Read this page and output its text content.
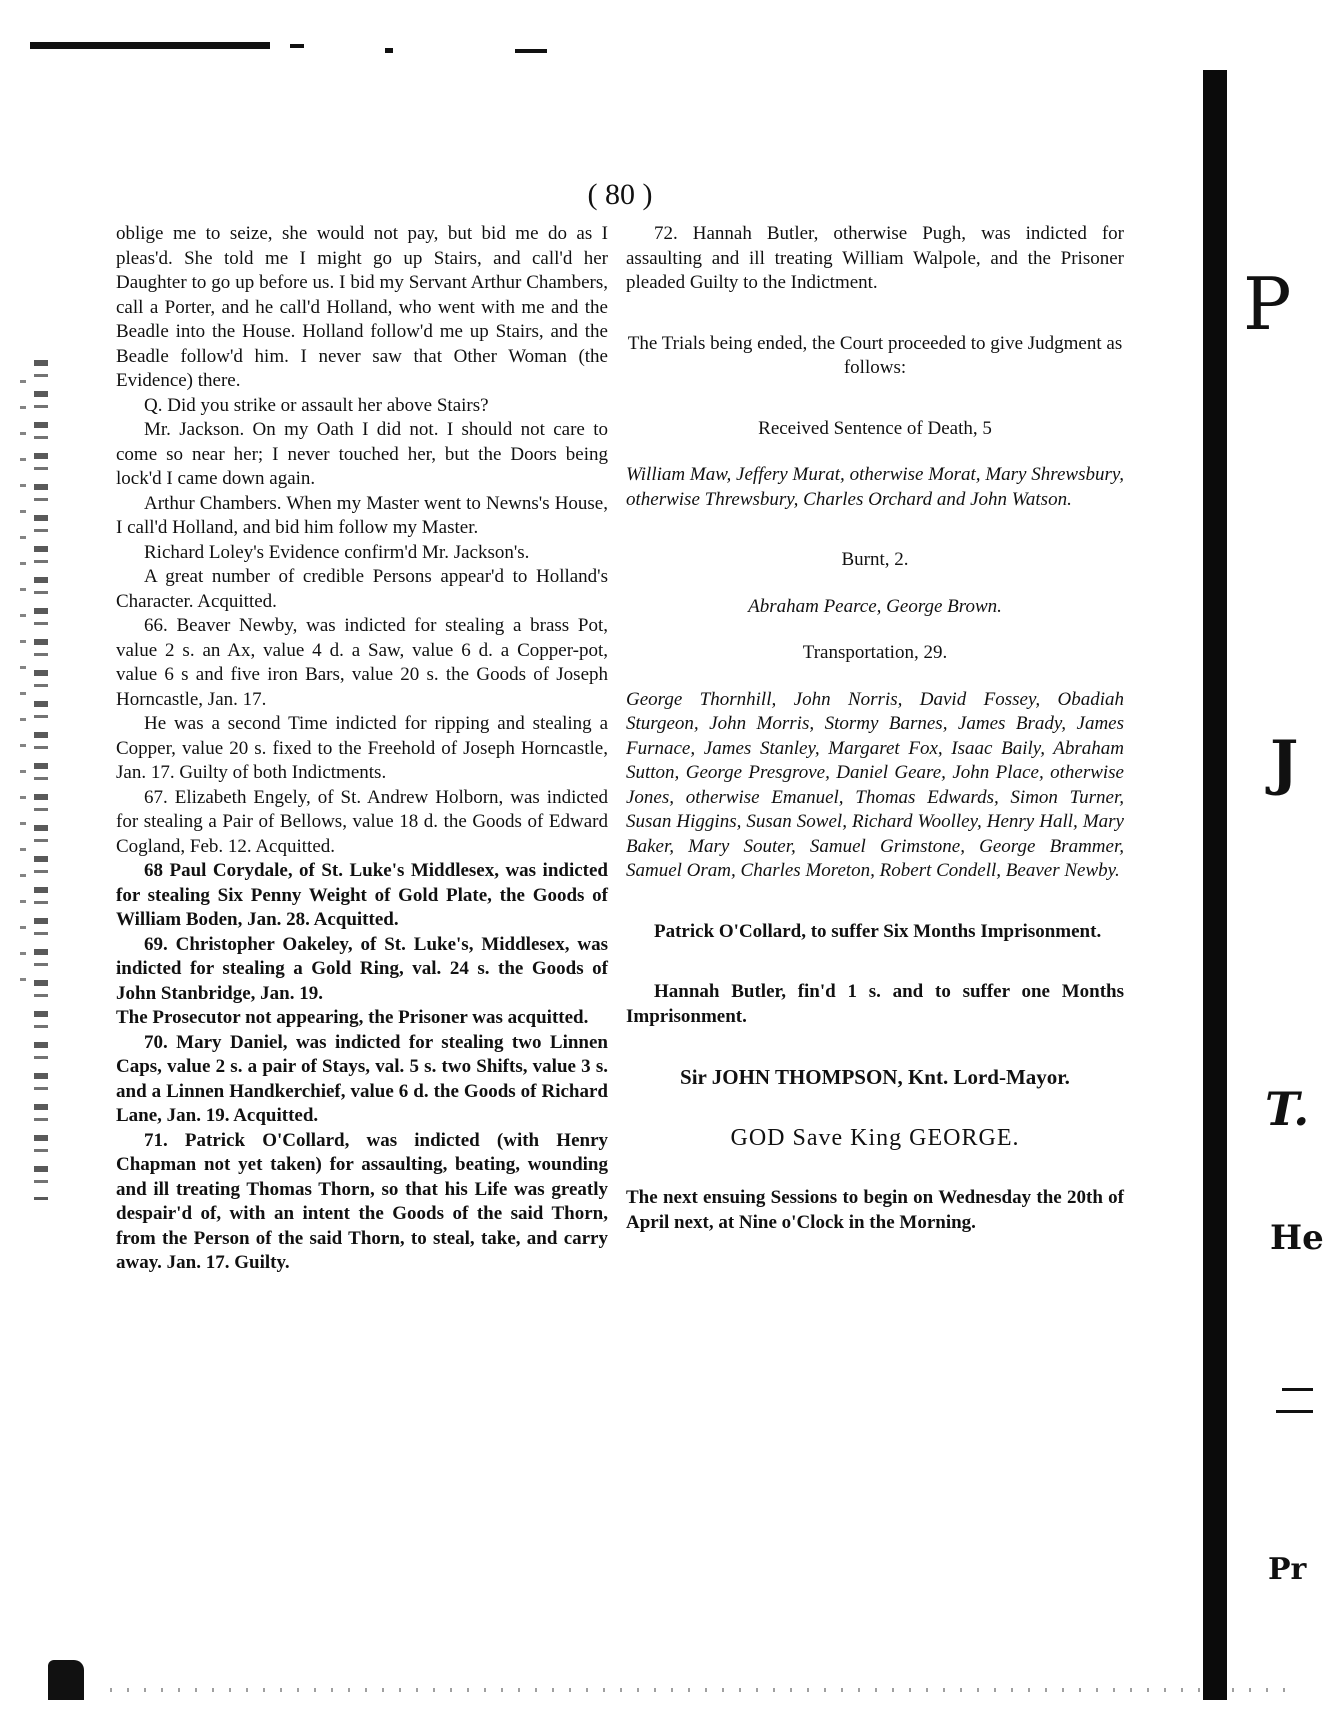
( 80 )

oblige me to seize, she would not pay, but bid me do as I pleas'd. She told me I might go up Stairs, and call'd her Daughter to go up before us. I bid my Servant Arthur Chambers, call a Porter, and he call'd Holland, who went with me and the Beadle into the House. Holland follow'd me up Stairs, and the Beadle follow'd him. I never saw that Other Woman (the Evidence) there.

Q. Did you strike or assault her above Stairs?

Mr. Jackson. On my Oath I did not. I should not care to come so near her; I never touched her, but the Doors being lock'd I came down again.

Arthur Chambers. When my Master went to Newns's House, I call'd Holland, and bid him follow my Master.

Richard Loley's Evidence confirm'd Mr. Jackson's.

A great number of credible Persons appear'd to Holland's Character. Acquitted.

66. Beaver Newby, was indicted for stealing a brass Pot, value 2 s. an Ax, value 4 d. a Saw, value 6 d. a Copper-pot, value 6 s and five iron Bars, value 20 s. the Goods of Joseph Horncastle, Jan. 17.

He was a second Time indicted for ripping and stealing a Copper, value 20 s. fixed to the Freehold of Joseph Horncastle, Jan. 17. Guilty of both Indictments.

67. Elizabeth Engely, of St. Andrew Holborn, was indicted for stealing a Pair of Bellows, value 18 d. the Goods of Edward Cogland, Feb. 12. Acquitted.

68 Paul Corydale, of St. Luke's Middlesex, was indicted for stealing Six Penny Weight of Gold Plate, the Goods of William Boden, Jan. 28. Acquitted.

69. Christopher Oakeley, of St. Luke's, Middlesex, was indicted for stealing a Gold Ring, val. 24 s. the Goods of John Stanbridge, Jan. 19.

The Prosecutor not appearing, the Prisoner was acquitted.

70. Mary Daniel, was indicted for stealing two Linnen Caps, value 2 s. a pair of Stays, val. 5 s. two Shifts, value 3 s. and a Linnen Handkerchief, value 6 d. the Goods of Richard Lane, Jan. 19. Acquitted.

71. Patrick O'Collard, was indicted (with Henry Chapman not yet taken) for assaulting, beating, wounding and ill treating Thomas Thorn, so that his Life was greatly despair'd of, with an intent the Goods of the said Thorn, from the Person of the said Thorn, to steal, take, and carry away. Jan. 17. Guilty.

72. Hannah Butler, otherwise Pugh, was indicted for assaulting and ill treating William Walpole, and the Prisoner pleaded Guilty to the Indictment.

The Trials being ended, the Court proceeded to give Judgment as follows:

Received Sentence of Death, 5

William Maw, Jeffery Murat, otherwise Morat, Mary Shrewsbury, otherwise Threwsbury, Charles Orchard and John Watson.

Burnt, 2.

Abraham Pearce, George Brown.

Transportation, 29.

George Thornhill, John Norris, David Fossey, Obadiah Sturgeon, John Morris, Stormy Barnes, James Brady, James Furnace, James Stanley, Margaret Fox, Isaac Baily, Abraham Sutton, George Presgrove, Daniel Geare, John Place, otherwise Jones, otherwise Emanuel, Thomas Edwards, Simon Turner, Susan Higgins, Susan Sowel, Richard Woolley, Henry Hall, Mary Baker, Mary Souter, Samuel Grimstone, George Brammer, Samuel Oram, Charles Moreton, Robert Condell, Beaver Newby.

Patrick O'Collard, to suffer Six Months Imprisonment.

Hannah Butler, fin'd 1 s. and to suffer one Months Imprisonment.

Sir JOHN THOMPSON, Knt. Lord-Mayor.

GOD Save King GEORGE.

The next ensuing Sessions to begin on Wednesday the 20th of April next, at Nine o'Clock in the Morning.

P
J
T.
He
Pr
